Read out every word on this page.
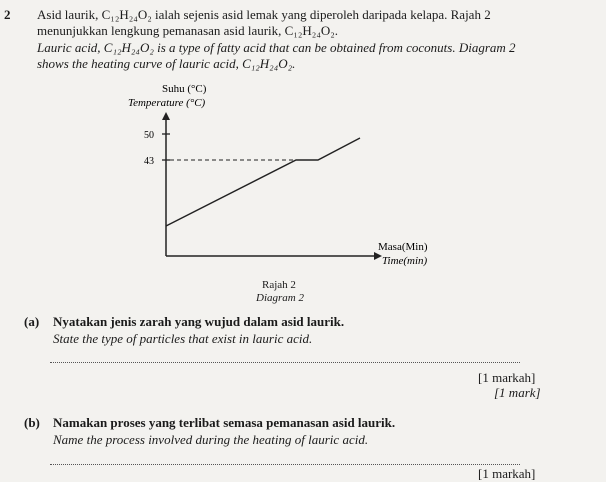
2 Asid laurik, C₁₂H₂₄O₂ ialah sejenis asid lemak yang diperoleh daripada kelapa. Rajah 2
menunjukkan lengkung pemanasan asid laurik, C₁₂H₂₄O₂.
Lauric acid, C₁₂H₂₄O₂ is a type of fatty acid that can be obtained from coconuts. Diagram 2
shows the heating curve of lauric acid, C₁₂H₂₄O₂.
Suhu (°C)
Temperature (°C)
50
43
Masa(Min)
Time(min)
Rajah 2
Diagram 2
(a) Nyatakan jenis zarah yang wujud dalam asid laurik.
State the type of particles that exist in lauric acid.
[1 markah]
[1 mark]
(b) Namakan proses yang terlibat semasa pemanasan asid laurik.
Name the process involved during the heating of lauric acid.
[1 markah]
